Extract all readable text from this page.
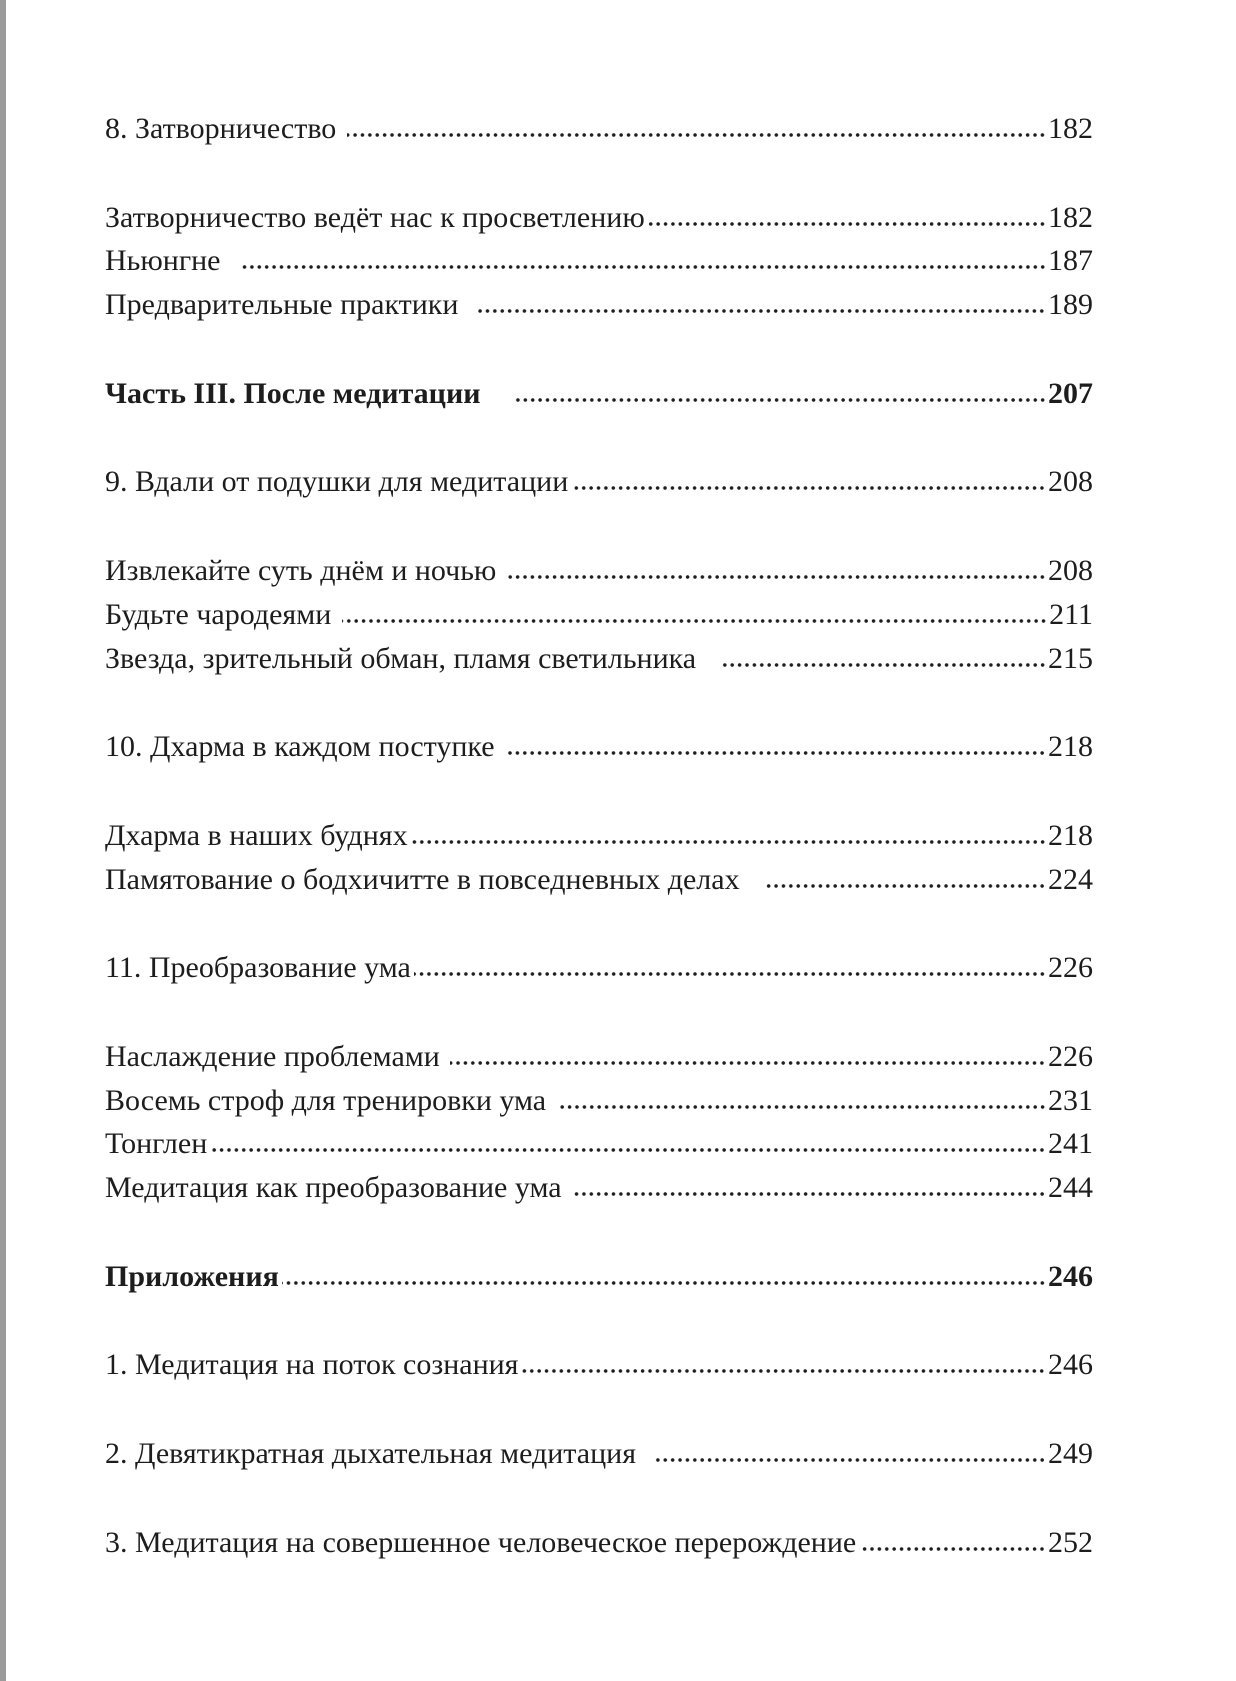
8. Затворничество	182
Затворничество ведёт нас к просветлению	182
Ньюнгне	187
Предварительные практики	189
Часть III. После медитации	207
9. Вдали от подушки для медитации	208
Извлекайте суть днём и ночью	208
Будьте чародеями	211
Звезда, зрительный обман, пламя светильника	215
10. Дхарма в каждом поступке	218
Дхарма в наших буднях	218
Памятование о бодхичитте в повседневных делах	224
11. Преобразование ума	226
Наслаждение проблемами	226
Восемь строф для тренировки ума	231
Тонглен	241
Медитация как преобразование ума	244
Приложения	246
1. Медитация на поток сознания	246
2. Девятикратная дыхательная медитация	249
3. Медитация на совершенное человеческое перерождение	252
